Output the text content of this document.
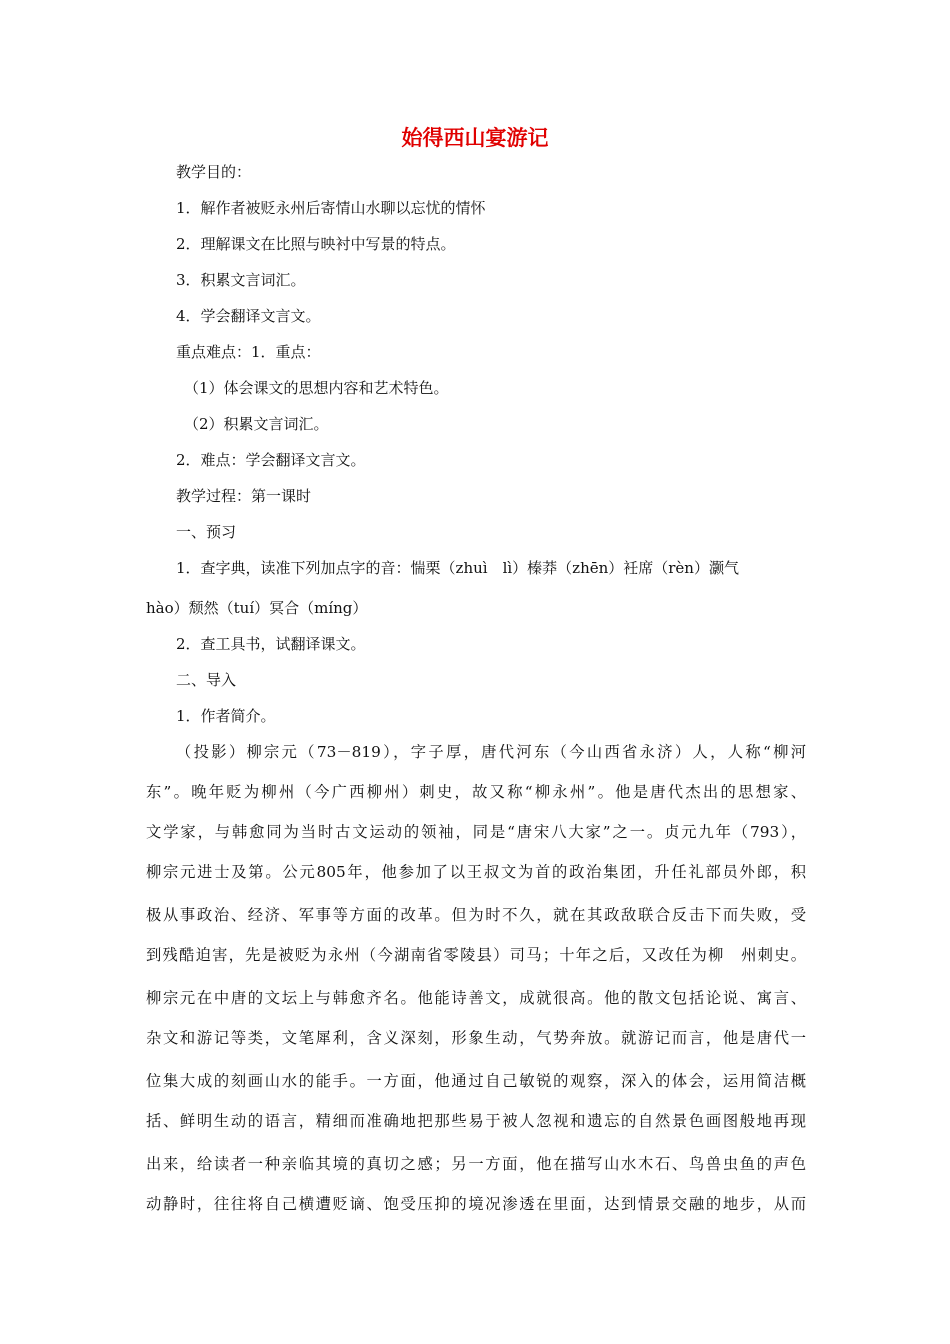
始得西山宴游记
教学目的：
1．解作者被贬永州后寄情山水聊以忘忧的情怀
2．理解课文在比照与映衬中写景的特点。
3．积累文言词汇。
4．学会翻译文言文。
重点难点：1．重点：
（1）体会课文的思想内容和艺术特色。
（2）积累文言词汇。
2．难点：学会翻译文言文。
教学过程：第一课时
一、预习
1．查字典，读准下列加点字的音：惴栗（zhuì　lì）榛莽（zhēn）衽席（rèn）灏气
hào）颓然（tuí）冥合（míng）
2．查工具书，试翻译课文。
二、导入
1．作者简介。
（投影）柳宗元（73－819），字子厚，唐代河东（今山西省永济）人，人称“柳河
东”。晚年贬为柳州（今广西柳州）刺史，故又称“柳永州”。他是唐代杰出的思想家、
文学家，与韩愈同为当时古文运动的领袖，同是“唐宋八大家”之一。贞元九年（793），
柳宗元进士及第。公元805年，他参加了以王叔文为首的政治集团，升任礼部员外郎，积
极从事政治、经济、军事等方面的改革。但为时不久，就在其政敌联合反击下而失败，受
到残酷迫害，先是被贬为永州（今湖南省零陵县）司马；十年之后，又改任为柳　州刺史。
柳宗元在中唐的文坛上与韩愈齐名。他能诗善文，成就很高。他的散文包括论说、寓言、
杂文和游记等类，文笔犀利，含义深刻，形象生动，气势奔放。就游记而言，他是唐代一
位集大成的刻画山水的能手。一方面，他通过自己敏锐的观察，深入的体会，运用简洁概
括、鲜明生动的语言，精细而准确地把那些易于被人忽视和遗忘的自然景色画图般地再现
出来，给读者一种亲临其境的真切之感；另一方面，他在描写山水木石、鸟兽虫鱼的声色
动静时，往往将自己横遭贬谪、饱受压抑的境况渗透在里面，达到情景交融的地步，从而
